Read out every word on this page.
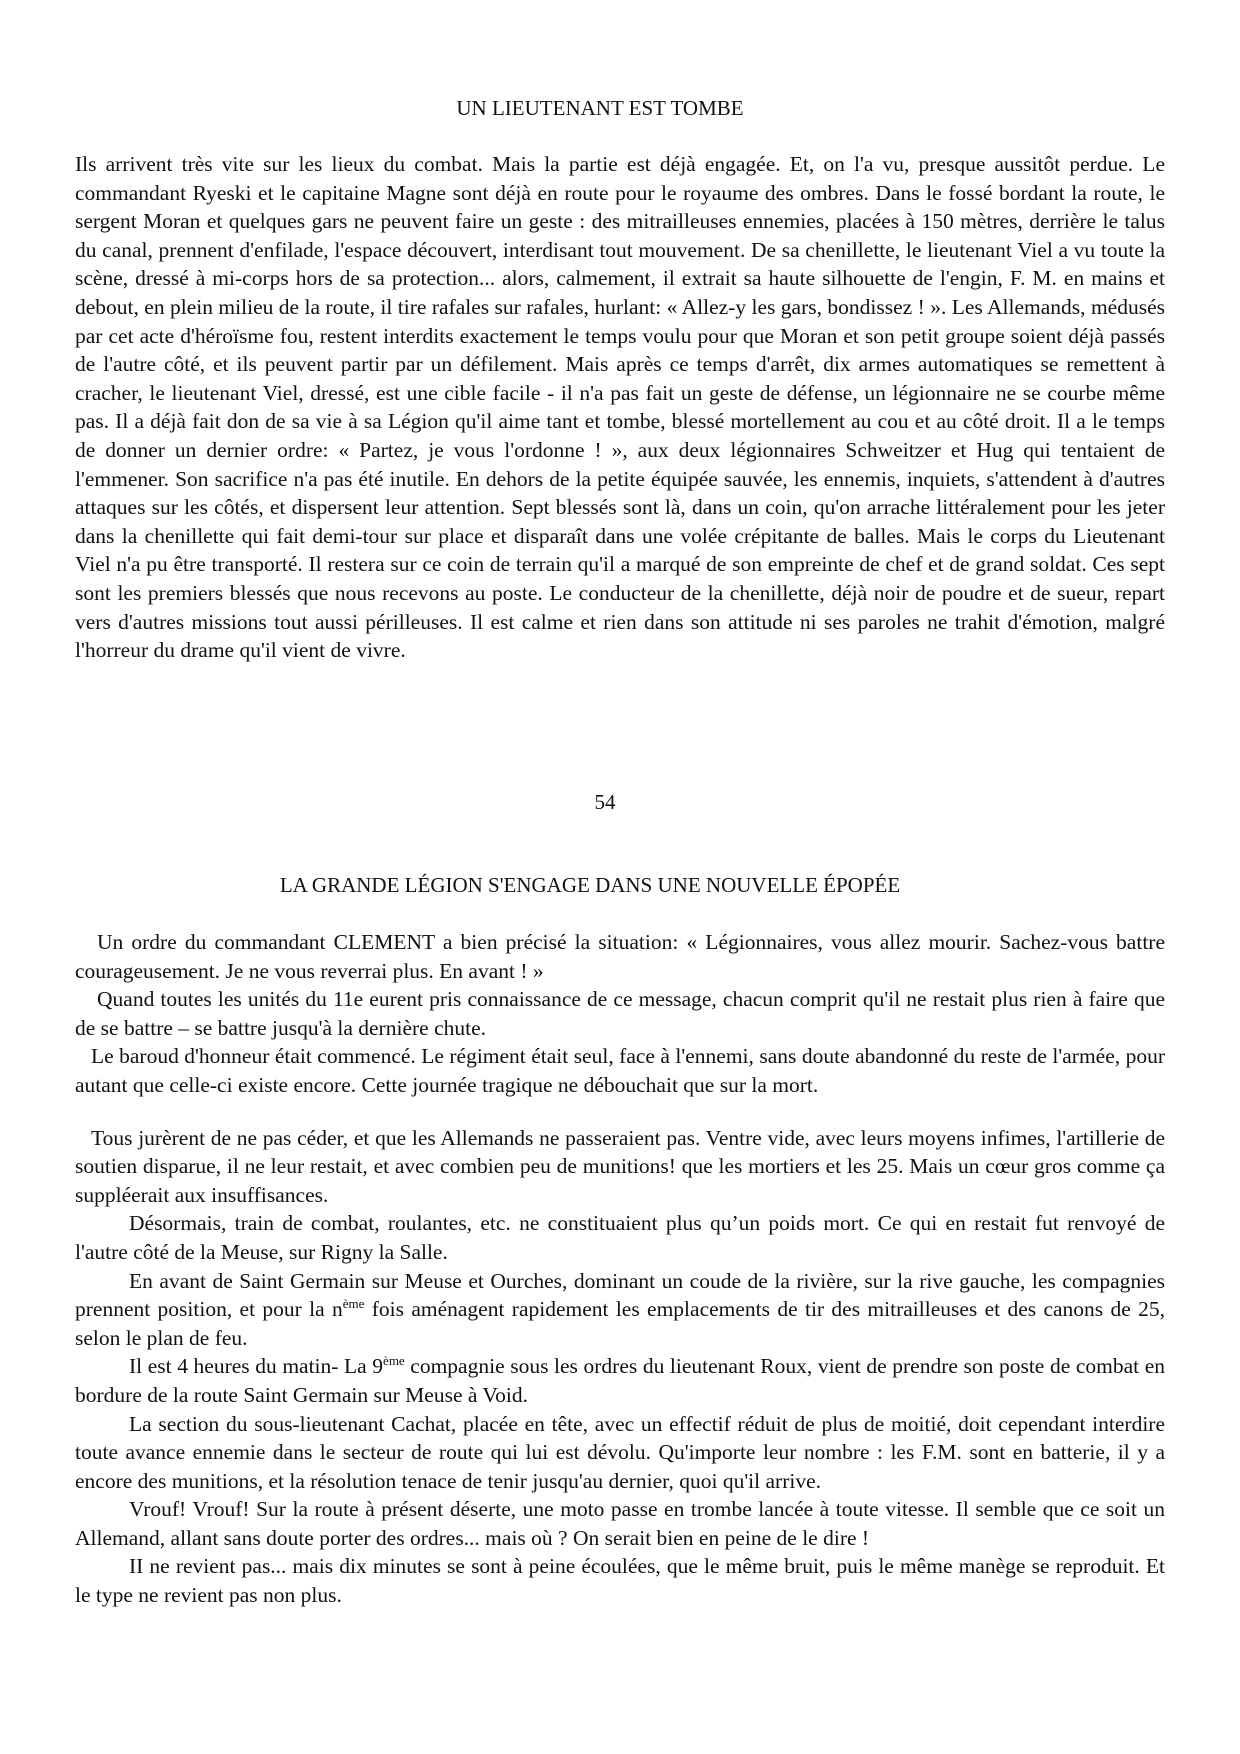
UN LIEUTENANT EST TOMBE
Ils arrivent très vite sur les lieux du combat. Mais la partie est déjà engagée. Et, on l'a vu, presque aussitôt perdue. Le commandant Ryeski et le capitaine Magne sont déjà en route pour le royaume des ombres. Dans le fossé bordant la route, le sergent Moran et quelques gars ne peuvent faire un geste : des mitrailleuses ennemies, placées à 150 mètres, derrière le talus du canal, prennent d'enfilade, l'espace découvert, interdisant tout mouvement. De sa chenillette, le lieutenant Viel a vu toute la scène, dressé à mi-corps hors de sa protection... alors, calmement, il extrait sa haute silhouette de l'engin, F. M. en mains et debout, en plein milieu de la route, il tire rafales sur rafales, hurlant: « Allez-y les gars, bondissez ! ». Les Allemands, médusés par cet acte d'héroïsme fou, restent interdits exactement le temps voulu pour que Moran et son petit groupe soient déjà passés de l'autre côté, et ils peuvent partir par un défilement. Mais après ce temps d'arrêt, dix armes automatiques se remettent à cracher, le lieutenant Viel, dressé, est une cible facile - il n'a pas fait un geste de défense, un légionnaire ne se courbe même pas. Il a déjà fait don de sa vie à sa Légion qu'il aime tant et tombe, blessé mortellement au cou et au côté droit. Il a le temps de donner un dernier ordre: « Partez, je vous l'ordonne ! », aux deux légionnaires Schweitzer et Hug qui tentaient de l'emmener. Son sacrifice n'a pas été inutile. En dehors de la petite équipée sauvée, les ennemis, inquiets, s'attendent à d'autres attaques sur les côtés, et dispersent leur attention. Sept blessés sont là, dans un coin, qu'on arrache littéralement pour les jeter dans la chenillette qui fait demi-tour sur place et disparaît dans une volée crépitante de balles. Mais le corps du Lieutenant Viel n'a pu être transporté. Il restera sur ce coin de terrain qu'il a marqué de son empreinte de chef et de grand soldat. Ces sept sont les premiers blessés que nous recevons au poste. Le conducteur de la chenillette, déjà noir de poudre et de sueur, repart vers d'autres missions tout aussi périlleuses. Il est calme et rien dans son attitude ni ses paroles ne trahit d'émotion, malgré l'horreur du drame qu'il vient de vivre.
54
LA GRANDE LÉGION S'ENGAGE DANS UNE NOUVELLE ÉPOPÉE

Un ordre du commandant CLEMENT a bien précisé la situation: « Légionnaires, vous allez mourir. Sachez-vous battre courageusement. Je ne vous reverrai plus. En avant ! »

Quand toutes les unités du 11e eurent pris connaissance de ce message, chacun comprit qu'il ne restait plus rien à faire que de se battre – se battre jusqu'à la dernière chute.

Le baroud d'honneur était commencé. Le régiment était seul, face à l'ennemi, sans doute abandonné du reste de l'armée, pour autant que celle-ci existe encore. Cette journée tragique ne débouchait que sur la mort.

Tous jurèrent de ne pas céder, et que les Allemands ne passeraient pas. Ventre vide, avec leurs moyens infimes, l'artillerie de soutien disparue, il ne leur restait, et avec combien peu de munitions! que les mortiers et les 25. Mais un cœur gros comme ça suppléerait aux insuffisances.

Désormais, train de combat, roulantes, etc. ne constituaient plus qu’un poids mort. Ce qui en restait fut renvoyé de l'autre côté de la Meuse, sur Rigny la Salle.

En avant de Saint Germain sur Meuse et Ourches, dominant un coude de la rivière, sur la rive gauche, les compagnies prennent position, et pour la $n^{ème}$ fois aménagent rapidement les emplacements de tir des mitrailleuses et des canons de 25, selon le plan de feu.

Il est 4 heures du matin- La 9ème compagnie sous les ordres du lieutenant Roux, vient de prendre son poste de combat en bordure de la route Saint Germain sur Meuse à Void.

La section du sous-lieutenant Cachat, placée en tête, avec un effectif réduit de plus de moitié, doit cependant interdire toute avance ennemie dans le secteur de route qui lui est dévolu. Qu'importe leur nombre : les F.M. sont en batterie, il y a encore des munitions, et la résolution tenace de tenir jusqu'au dernier, quoi qu'il arrive.

Vrouf! Vrouf! Sur la route à présent déserte, une moto passe en trombe lancée à toute vitesse. Il semble que ce soit un Allemand, allant sans doute porter des ordres... mais où ? On serait bien en peine de le dire !

II ne revient pas... mais dix minutes se sont à peine écoulées, que le même bruit, puis le même manège se reproduit. Et le type ne revient pas non plus.
